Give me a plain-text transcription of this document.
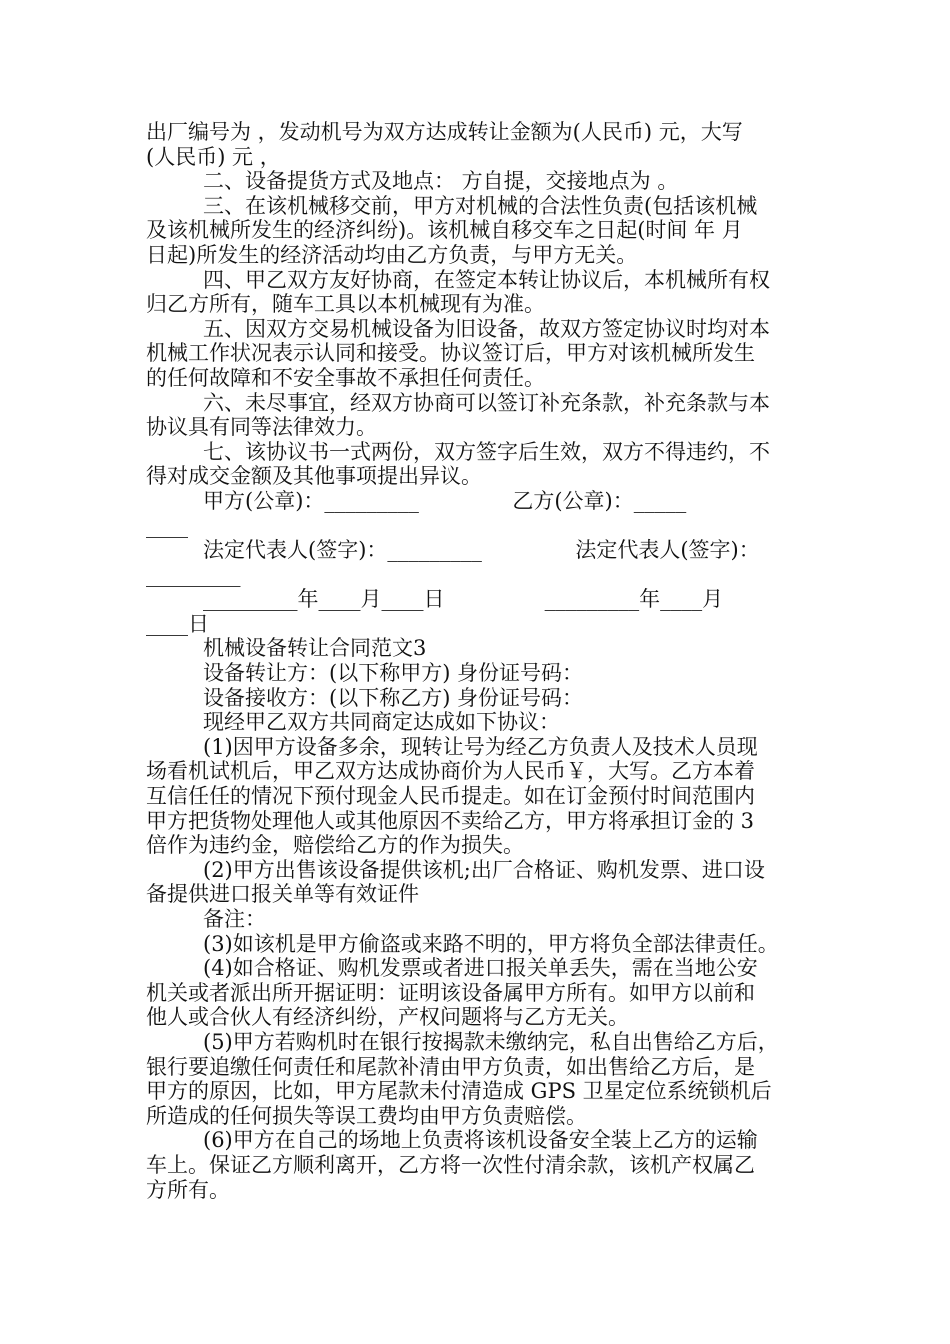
出厂编号为 ，发动机号为双方达成转让金额为(人民币) 元，大写
(人民币) 元 ，
二、设备提货方式及地点： 方自提，交接地点为 。
三、在该机械移交前，甲方对机械的合法性负责(包括该机械
及该机械所发生的经济纠纷)。该机械自移交车之日起(时间 年 月
日起)所发生的经济活动均由乙方负责，与甲方无关。
四、甲乙双方友好协商，在签定本转让协议后，本机械所有权
归乙方所有，随车工具以本机械现有为准。
五、因双方交易机械设备为旧设备，故双方签定协议时均对本
机械工作状况表示认同和接受。协议签订后，甲方对该机械所发生
的任何故障和不安全事故不承担任何责任。
六、未尽事宜，经双方协商可以签订补充条款，补充条款与本
协议具有同等法律效力。
七、该协议书一式两份，双方签字后生效，双方不得违约，不
得对成交金额及其他事项提出异议。
甲方(公章)：_________              乙方(公章)：_____
____
法定代表人(签字)：_________              法定代表人(签字)：
_________
_________年____月____日               _________年____月
____日
机械设备转让合同范文3
设备转让方：(以下称甲方) 身份证号码：
设备接收方：(以下称乙方) 身份证号码：
现经甲乙双方共同商定达成如下协议：
(1)因甲方设备多余，现转让号为经乙方负责人及技术人员现
场看机试机后，甲乙双方达成协商价为人民币￥，大写。乙方本着
互信任任的情况下预付现金人民币提走。如在订金预付时间范围内
甲方把货物处理他人或其他原因不卖给乙方，甲方将承担订金的 3
倍作为违约金，赔偿给乙方的作为损失。
(2)甲方出售该设备提供该机;出厂合格证、购机发票、进口设
备提供进口报关单等有效证件
备注：
(3)如该机是甲方偷盗或来路不明的，甲方将负全部法律责任。
(4)如合格证、购机发票或者进口报关单丢失，需在当地公安
机关或者派出所开据证明：证明该设备属甲方所有。如甲方以前和
他人或合伙人有经济纠纷，产权问题将与乙方无关。
(5)甲方若购机时在银行按揭款未缴纳完，私自出售给乙方后，
银行要追缴任何责任和尾款补清由甲方负责，如出售给乙方后，是
甲方的原因，比如，甲方尾款未付清造成 GPS 卫星定位系统锁机后
所造成的任何损失等误工费均由甲方负责赔偿。
(6)甲方在自己的场地上负责将该机设备安全装上乙方的运输
车上。保证乙方顺利离开，乙方将一次性付清余款，该机产权属乙
方所有。
